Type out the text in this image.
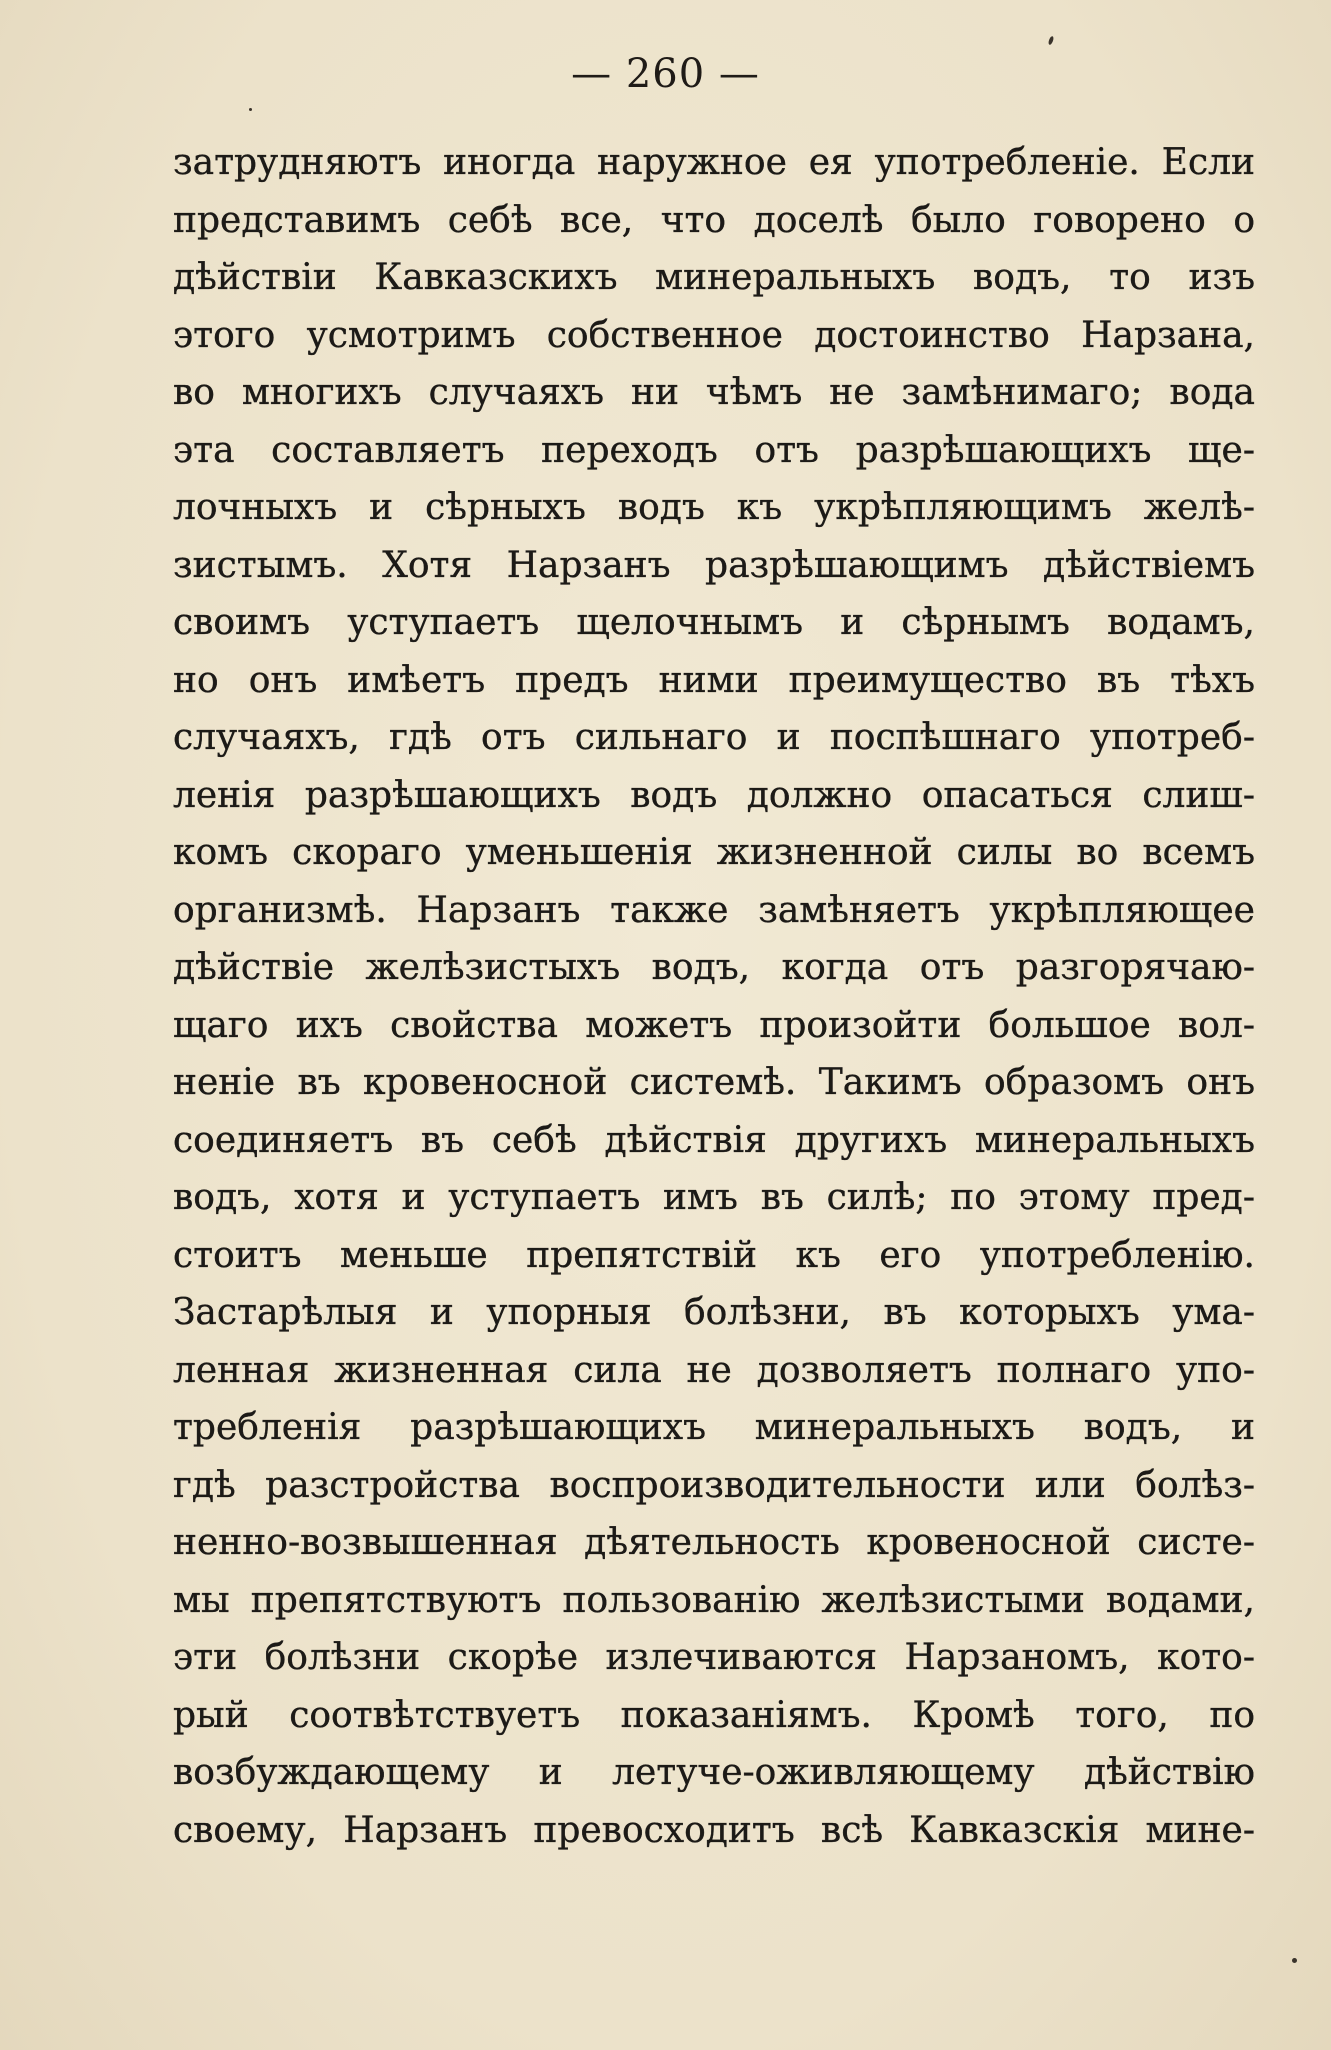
— 260 —
затрудняютъ иногда наружное ея употребленіе. Если
представимъ себѣ все, что доселѣ было говорено о
дѣйствіи Кавказскихъ минеральныхъ водъ, то изъ
этого усмотримъ собственное достоинство Нарзана,
во многихъ случаяхъ ни чѣмъ не замѣнимаго; вода
эта составляетъ переходъ отъ разрѣшающихъ ще-
лочныхъ и сѣрныхъ водъ къ укрѣпляющимъ желѣ-
зистымъ. Хотя Нарзанъ разрѣшающимъ дѣйствіемъ
своимъ уступаетъ щелочнымъ и сѣрнымъ водамъ,
но онъ имѣетъ предъ ними преимущество въ тѣхъ
случаяхъ, гдѣ отъ сильнаго и поспѣшнаго употреб-
ленія разрѣшающихъ водъ должно опасаться слиш-
комъ скораго уменьшенія жизненной силы во всемъ
организмѣ. Нарзанъ также замѣняетъ укрѣпляющее
дѣйствіе желѣзистыхъ водъ, когда отъ разгорячаю-
щаго ихъ свойства можетъ произойти большое вол-
неніе въ кровеносной системѣ. Такимъ образомъ онъ
соединяетъ въ себѣ дѣйствія другихъ минеральныхъ
водъ, хотя и уступаетъ имъ въ силѣ; по этому пред-
стоитъ меньше препятствій къ его употребленію.
Застарѣлыя и упорныя болѣзни, въ которыхъ ума-
ленная жизненная сила не дозволяетъ полнаго упо-
требленія разрѣшающихъ минеральныхъ водъ, и
гдѣ разстройства воспроизводительности или болѣз-
ненно-возвышенная дѣятельность кровеносной систе-
мы препятствуютъ пользованію желѣзистыми водами,
эти болѣзни скорѣе излечиваются Нарзаномъ, кото-
рый соотвѣтствуетъ показаніямъ. Кромѣ того, по
возбуждающему и летуче-оживляющему дѣйствію
своему, Нарзанъ превосходитъ всѣ Кавказскія мине-
